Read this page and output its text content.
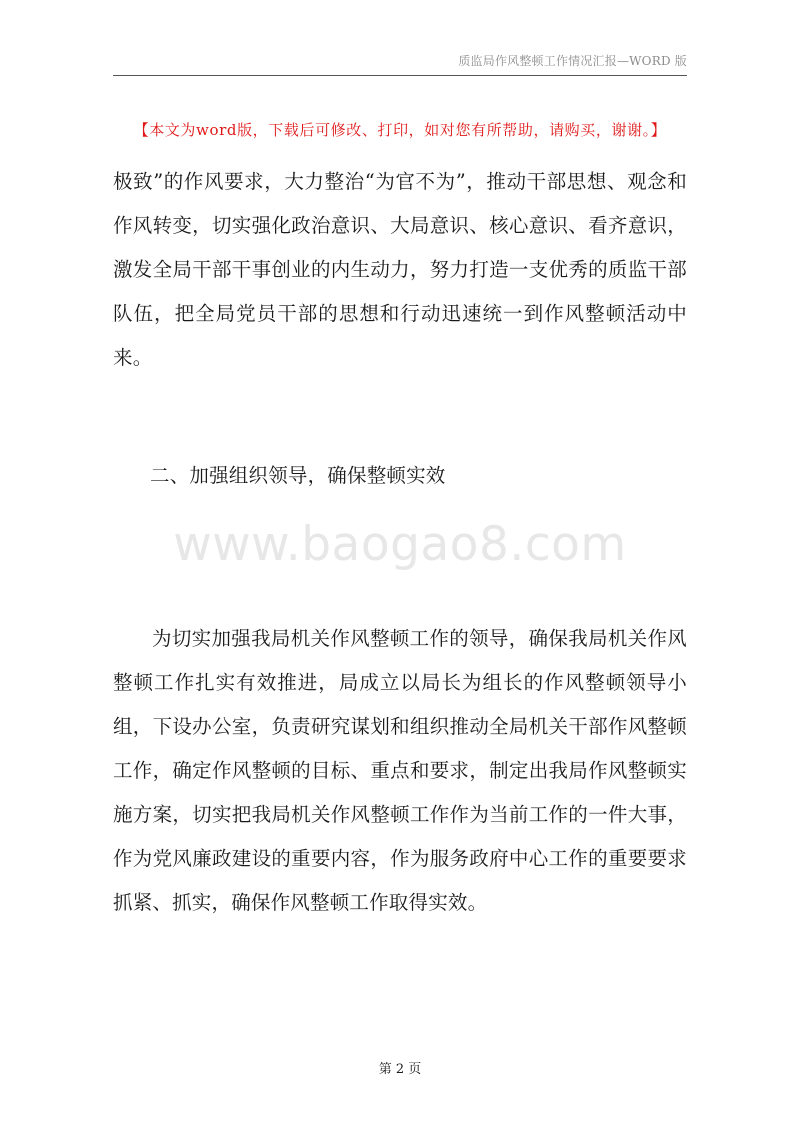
质监局作风整顿工作情况汇报—WORD 版
【本文为word版，下载后可修改、打印，如对您有所帮助，请购买，谢谢。】

极致”的作风要求，大力整治“为官不为”，推动干部思想、观念和作风转变，切实强化政治意识、大局意识、核心意识、看齐意识，激发全局干部干事创业的内生动力，努力打造一支优秀的质监干部队伍，把全局党员干部的思想和行动迅速统一到作风整顿活动中来。

二、加强组织领导，确保整顿实效
www.baogao8.com

为切实加强我局机关作风整顿工作的领导，确保我局机关作风整顿工作扎实有效推进，局成立以局长为组长的作风整顿领导小组，下设办公室，负责研究谋划和组织推动全局机关干部作风整顿工作，确定作风整顿的目标、重点和要求，制定出我局作风整顿实施方案，切实把我局机关作风整顿工作作为当前工作的一件大事，作为党风廉政建设的重要内容，作为服务政府中心工作的重要要求抓紧、抓实，确保作风整顿工作取得实效。

第 2 页
